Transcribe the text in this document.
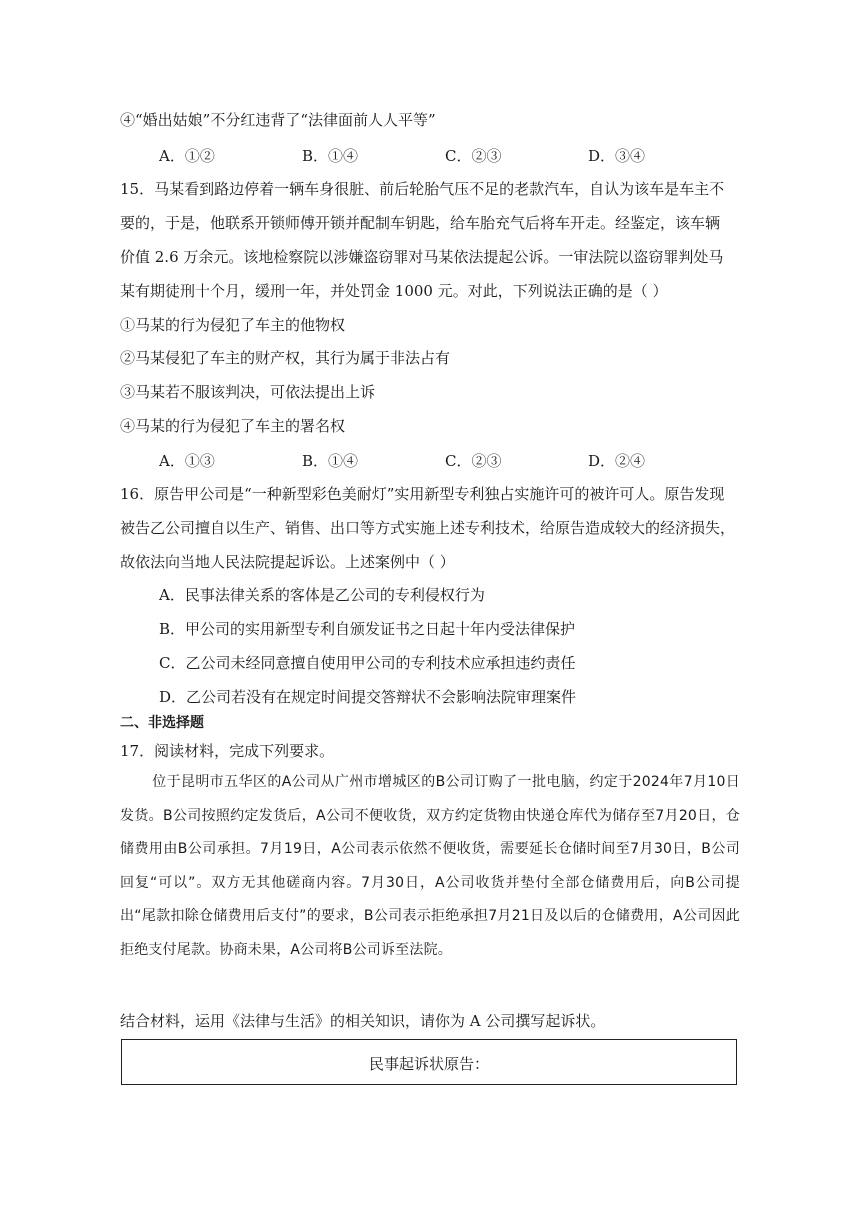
④“婚出姑娘”不分红违背了“法律面前人人平等”
A．①②	B．①④	C．②③	D．③④
15．马某看到路边停着一辆车身很脏、前后轮胎气压不足的老款汽车，自认为该车是车主不
要的，于是，他联系开锁师傅开锁并配制车钥匙，给车胎充气后将车开走。经鉴定，该车辆
价值 2.6 万余元。该地检察院以涉嫌盗窃罪对马某依法提起公诉。一审法院以盗窃罪判处马
某有期徒刑十个月，缓刑一年，并处罚金 1000 元。对此，下列说法正确的是（ ）
①马某的行为侵犯了车主的他物权
②马某侵犯了车主的财产权，其行为属于非法占有
③马某若不服该判决，可依法提出上诉
④马某的行为侵犯了车主的署名权
A．①③	B．①④	C．②③	D．②④
16．原告甲公司是“一种新型彩色美耐灯”实用新型专利独占实施许可的被许可人。原告发现
被告乙公司擅自以生产、销售、出口等方式实施上述专利技术，给原告造成较大的经济损失，
故依法向当地人民法院提起诉讼。上述案例中（ ）
A．民事法律关系的客体是乙公司的专利侵权行为
B．甲公司的实用新型专利自颁发证书之日起十年内受法律保护
C．乙公司未经同意擅自使用甲公司的专利技术应承担违约责任
D．乙公司若没有在规定时间提交答辩状不会影响法院审理案件
二、非选择题
17．阅读材料，完成下列要求。

位于昆明市五华区的A公司从广州市增城区的B公司订购了一批电脑，约定于2024年7月10日发货。B公司按照约定发货后，A公司不便收货，双方约定货物由快递仓库代为储存至7月20日，仓储费用由B公司承担。7月19日，A公司表示依然不便收货，需要延长仓储时间至7月30日，B公司回复“可以”。双方无其他磋商内容。7月30日，A公司收货并垫付全部仓储费用后，向B公司提出“尾款扣除仓储费用后支付”的要求，B公司表示拒绝承担7月21日及以后的仓储费用，A公司因此拒绝支付尾款。协商未果，A公司将B公司诉至法院。

结合材料，运用《法律与生活》的相关知识，请你为 A 公司撰写起诉状。
民事起诉状原告：
